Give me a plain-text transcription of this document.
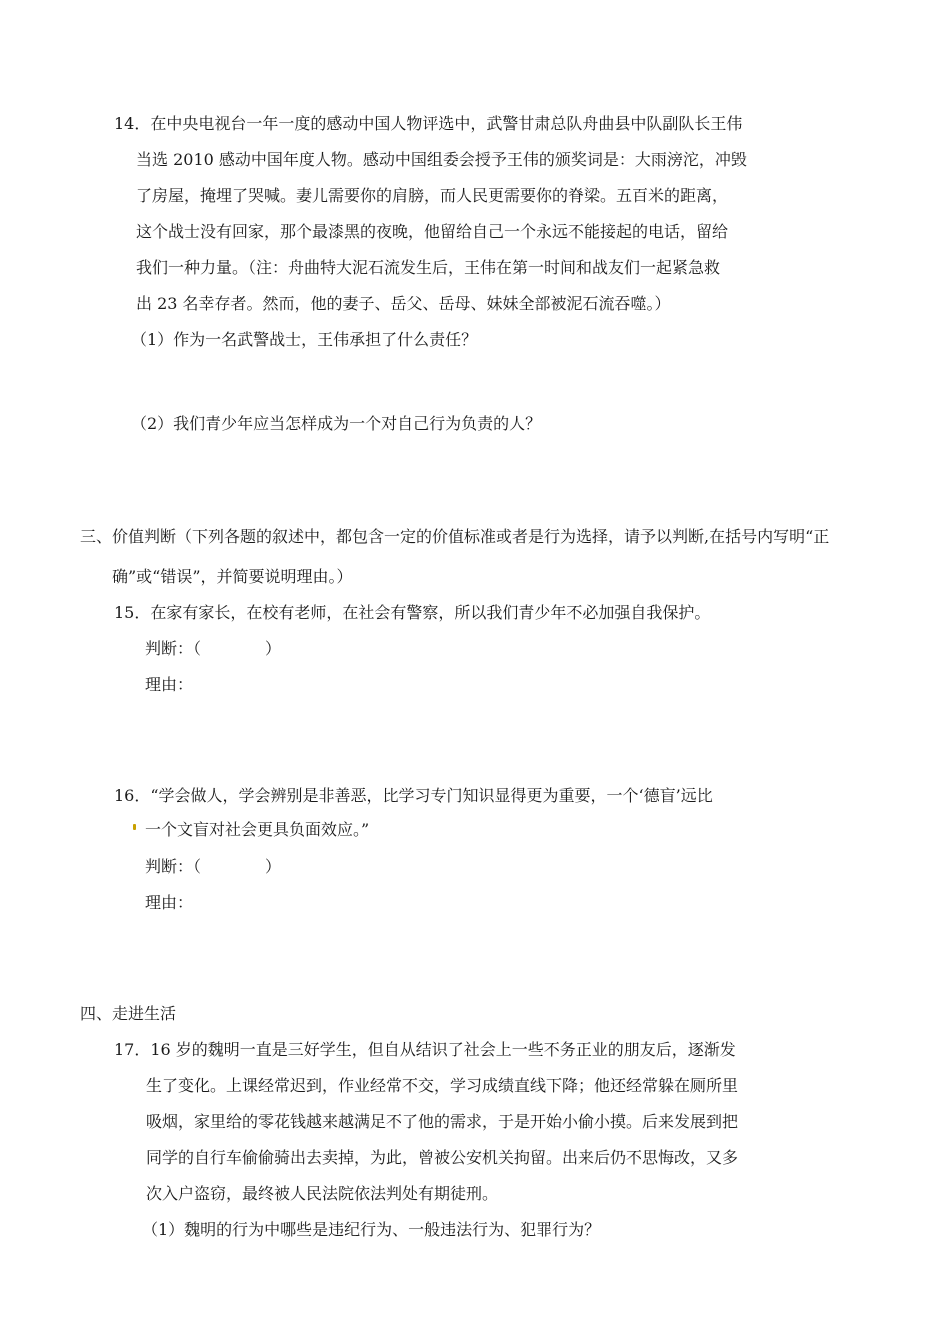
14．在中央电视台一年一度的感动中国人物评选中，武警甘肃总队舟曲县中队副队长王伟

当选 2010 感动中国年度人物。感动中国组委会授予王伟的颁奖词是：大雨滂沱，冲毁

了房屋，掩埋了哭喊。妻儿需要你的肩膀，而人民更需要你的脊梁。五百米的距离，

这个战士没有回家，那个最漆黑的夜晚，他留给自己一个永远不能接起的电话，留给

我们一种力量。（注：舟曲特大泥石流发生后，王伟在第一时间和战友们一起紧急救

出 23 名幸存者。然而，他的妻子、岳父、岳母、妹妹全部被泥石流吞噬。）

（1）作为一名武警战士，王伟承担了什么责任？

（2）我们青少年应当怎样成为一个对自己行为负责的人？

三、价值判断（下列各题的叙述中，都包含一定的价值标准或者是行为选择，请予以判断,在括号内写明“正

确”或“错误”，并简要说明理由。）

15．在家有家长，在校有老师，在社会有警察，所以我们青少年不必加强自我保护。

判断：（　　　　）

理由：

16．“学会做人，学会辨别是非善恶，比学习专门知识显得更为重要，一个‘德盲’远比

一个文盲对社会更具负面效应。”

判断：（　　　　）

理由：

四、走进生活

17．16 岁的魏明一直是三好学生，但自从结识了社会上一些不务正业的朋友后，逐渐发

生了变化。上课经常迟到，作业经常不交，学习成绩直线下降；他还经常躲在厕所里

吸烟，家里给的零花钱越来越满足不了他的需求，于是开始小偷小摸。后来发展到把

同学的自行车偷偷骑出去卖掉，为此，曾被公安机关拘留。出来后仍不思悔改，又多

次入户盗窃，最终被人民法院依法判处有期徒刑。

（1）魏明的行为中哪些是违纪行为、一般违法行为、犯罪行为？
